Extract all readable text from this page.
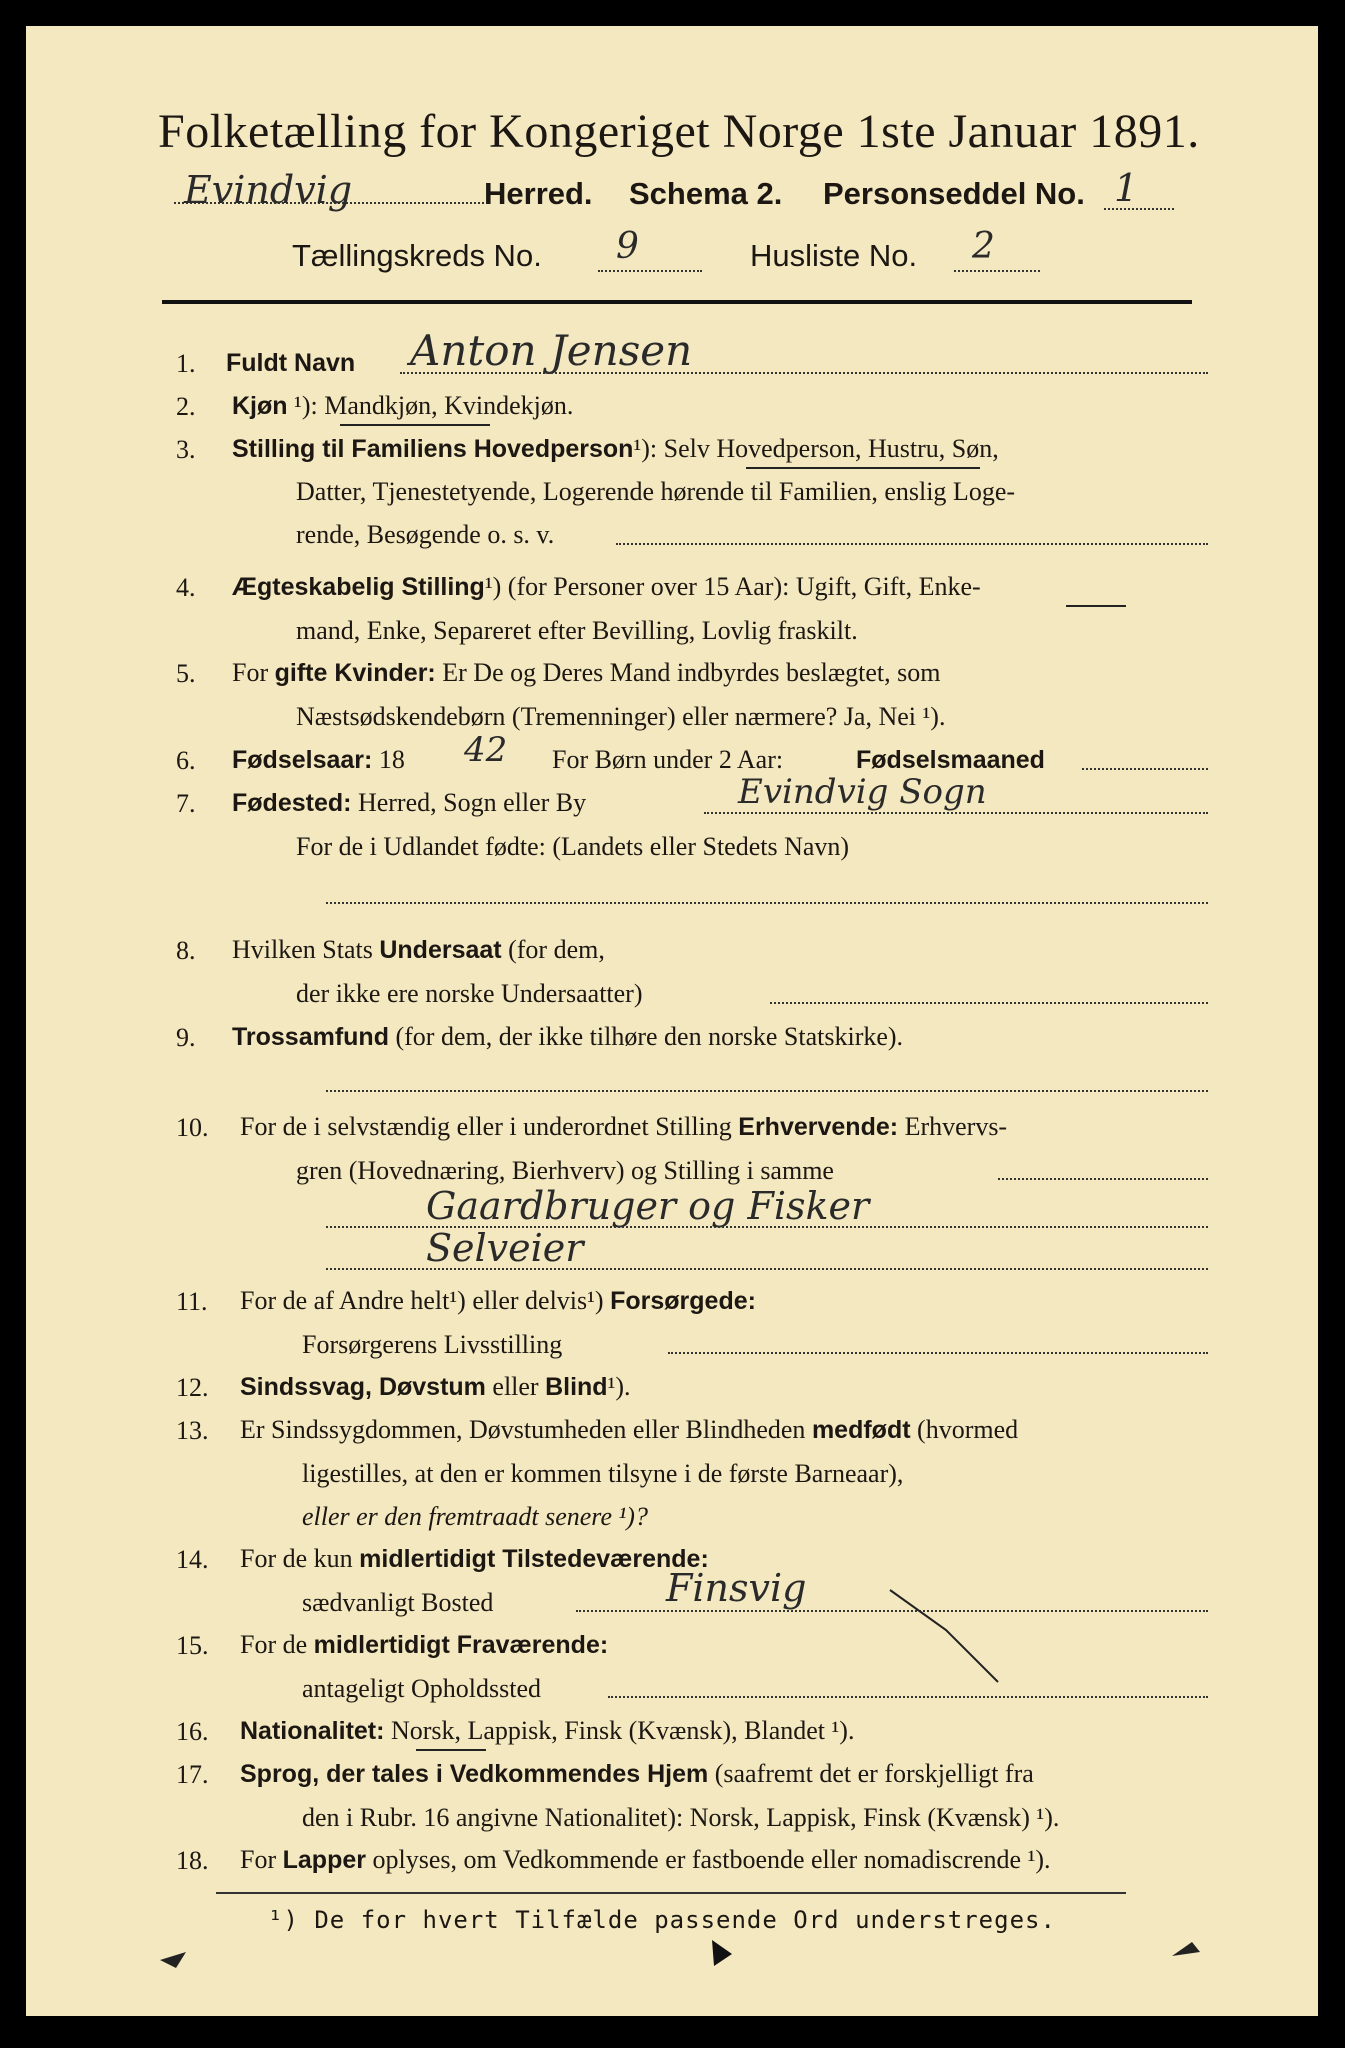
Folketælling for Kongeriget Norge 1ste Januar 1891.
Evindvig	Herred. Schema 2. Personseddel No. 1
Tællingskreds No. 9	Husliste No. 2
1. Fuldt Navn Anton Jensen
2. Kjøn ¹): Mandkjøn, Kvindekjøn.
3. Stilling til Familiens Hovedperson¹): Selv Hovedperson, Hustru, Søn,
Datter, Tjenestetyende, Logerende hørende til Familien, enslig Loge-
rende, Besøgende o. s. v.
4. Ægteskabelig Stilling¹) (for Personer over 15 Aar): Ugift, Gift, Enke-
mand, Enke, Separeret efter Bevilling, Lovlig fraskilt.
5. For gifte Kvinder: Er De og Deres Mand indbyrdes beslægtet, som
Næstsødskendebørn (Tremenninger) eller nærmere? Ja, Nei ¹).
6. Fødselsaar: 18 42 For Børn under 2 Aar:	Fødselsmaaned
7. Fødested: Herred, Sogn eller By	Evindvig Sogn
For de i Udlandet fødte: (Landets eller Stedets Navn)
8. Hvilken Stats Undersaat (for dem,
der ikke ere norske Undersaatter)
9. Trossamfund (for dem, der ikke tilhøre den norske Statskirke).
10. For de i selvstændig eller i underordnet Stilling Erhvervende: Erhvervs-
gren (Hovednæring, Bierhverv) og Stilling i samme
Gaardbruger og Fisker
Selveier
11. For de af Andre helt¹) eller delvis¹) Forsørgede:
Forsørgerens Livsstilling
12. Sindssvag, Døvstum eller Blind¹).
13. Er Sindssygdommen, Døvstumheden eller Blindheden medfødt (hvormed
ligestilles, at den er kommen tilsyne i de første Barneaar),
eller er den fremtraadt senere ¹)?
14. For de kun midlertidigt Tilstedeværende:
sædvanligt Bosted	Finsvig
15. For de midlertidigt Fraværende:
antageligt Opholdssted
16. Nationalitet: Norsk, Lappisk, Finsk (Kvænsk), Blandet ¹).
17. Sprog, der tales i Vedkommendes Hjem (saafremt det er forskjelligt fra
den i Rubr. 16 angivne Nationalitet): Norsk, Lappisk, Finsk (Kvænsk) ¹).
18. For Lapper oplyses, om Vedkommende er fastboende eller nomadiscrende ¹).
¹) De for hvert Tilfælde passende Ord understreges.
